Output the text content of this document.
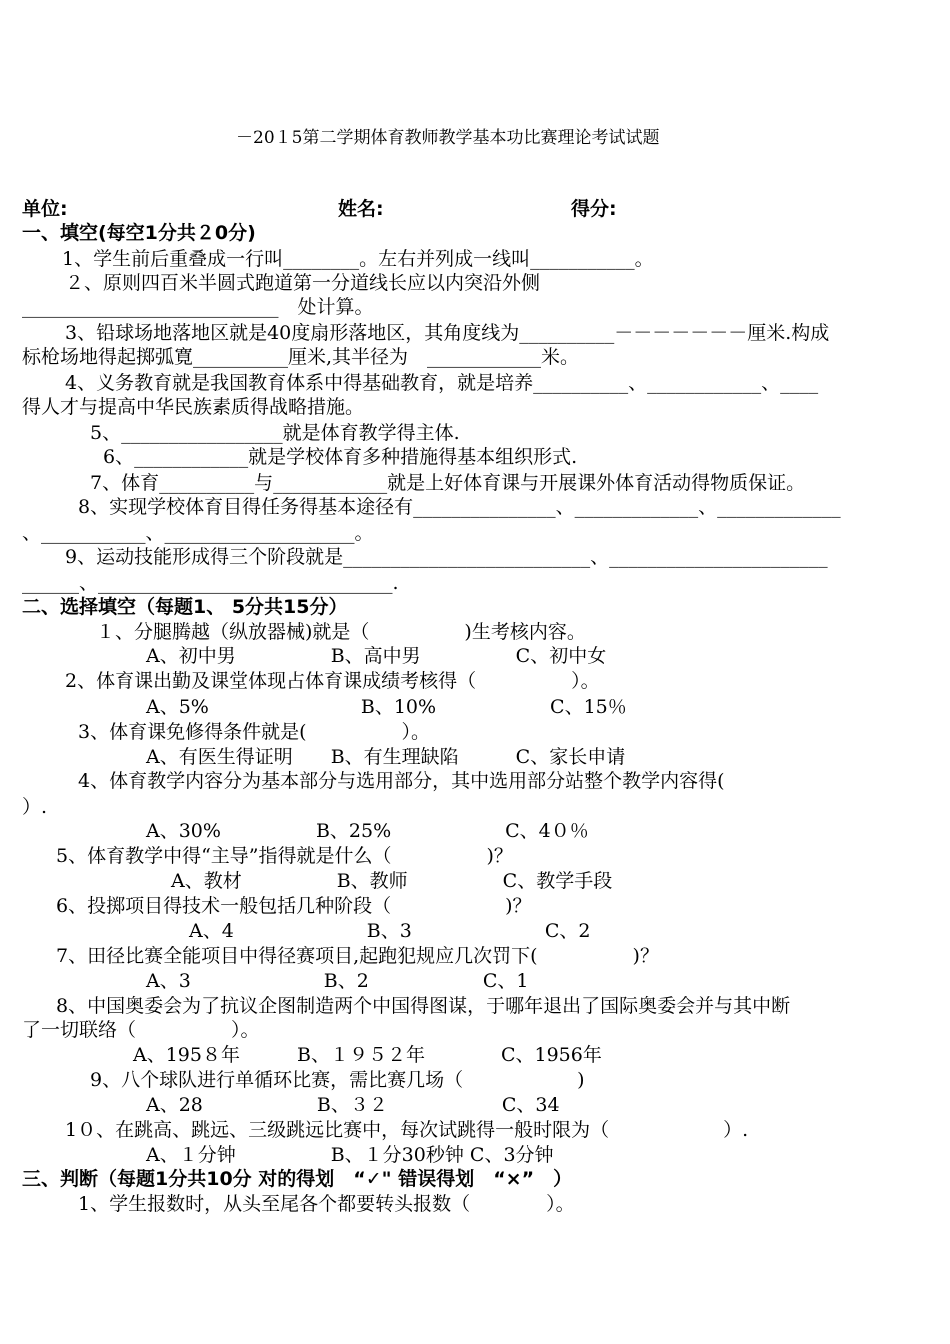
－20１5第二学期体育教师教学基本功比赛理论考试试题
单位:	姓名:	得分:
一、填空(每空1分共２0分)
1、学生前后重叠成一行叫________。左右并列成一线叫___________。
２、原则四百米半圆式跑道第一分道线长应以内突沿外侧
___________________________　处计算。
3、铅球场地落地区就是40度扇形落地区，其角度线为__________－－－－－－－厘米.构成
标枪场地得起掷弧寛__________厘米,其半径为　____________米。
4、义务教育就是我国教育体系中得基础教育，就是培养__________、____________、____
得人才与提高中华民族素质得战略措施。
5、_________________就是体育教学得主体.
6、____________就是学校体育多种措施得基本组织形式.
7、体育__________与____________就是上好体育课与开展课外体育活动得物质保证。
8、实现学校体育目得任务得基本途径有_______________、_____________、_____________
、___________、____________________。
9、运动技能形成得三个阶段就是__________________________、_______________________
______、_______________________________.
二、选择填空（每题1、 5分共15分）
１、分腿腾越（纵放器械)就是（　　　　　)生考核内容。
A、初中男　　　　　B、高中男　　　　　C、初中女
2、体育课出勤及课堂体现占体育课成绩考核得（　　　　　）。
A、5%　　　　　　　　B、10%　　　　　　C、15％
3、体育课免修得条件就是(　　　　　）。
A、有医生得证明　　B、有生理缺陷　　　C、家长申请
4、体育教学内容分为基本部分与选用部分，其中选用部分站整个教学内容得(
）.
A、30%　　　　　B、25%　　　　　　C、4０％
5、体育教学中得“主导”指得就是什么（　　　　　)？
A、教材　　　　　B、教师　　　　　C、教学手段
6、投掷项目得技术一般包括几种阶段（　　　　　　)？
A、4　　　　　　　B、3　　　　　　　C、2
7、田径比赛全能项目中得径赛项目,起跑犯规应几次罚下(　　　　　)？
A、3　　　　　　　B、2　　　　　　C、1
8、中国奥委会为了抗议企图制造两个中国得图谋，于哪年退出了国际奥委会并与其中断
了一切联络（　　　　　）。
A、195８年　　　B、１９５２年　　　　C、1956年
9、八个球队进行单循环比赛，需比赛几场（　　　　　　)
A、28　　　　　　B、３２　　　　　　C、34
1０、在跳高、跳远、三级跳远比赛中，每次试跳得一般时限为（　　　　　　）.
A、１分钟　　　　　B、１分30秒钟 C、3分钟
三、判断（每题1分共10分 对的得划　“✓" 错误得划　“×”　）
1、学生报数时，从头至尾各个都要转头报数（　　　　）。
